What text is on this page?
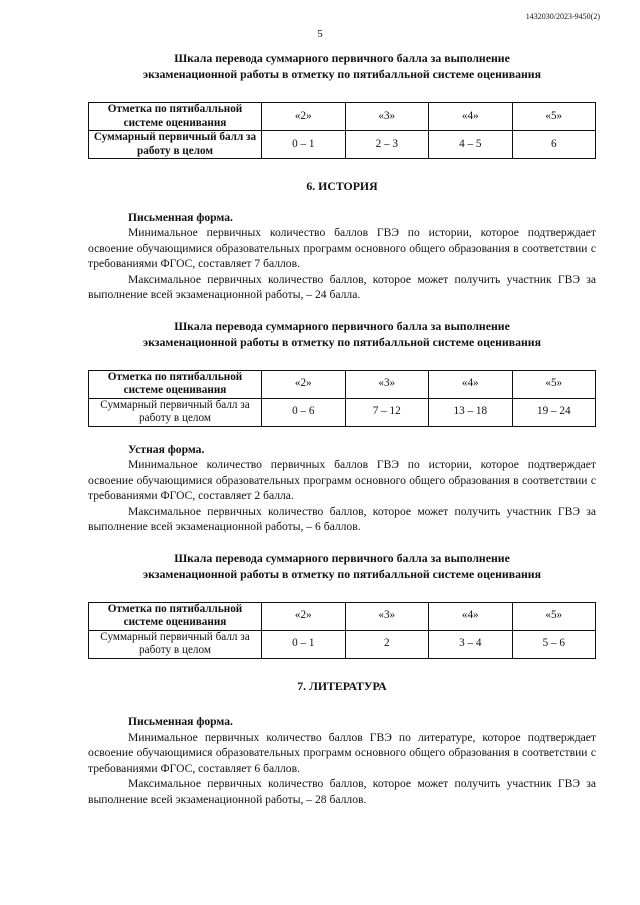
1432030/2023-9450(2)
5
Шкала перевода суммарного первичного балла за выполнение
экзаменационной работы в отметку по пятибалльной системе оценивания
Отметка по пятибалльной системе оценивания	«2»	«3»	«4»	«5»
Суммарный первичный балл за работу в целом	0 – 1	2 – 3	4 – 5	6
6. ИСТОРИЯ
Письменная форма.

Минимальное первичных количество баллов ГВЭ по истории, которое подтверждает освоение обучающимися образовательных программ основного общего образования в соответствии с требованиями ФГОС, составляет 7 баллов.

Максимальное первичных количество баллов, которое может получить участник ГВЭ за выполнение всей экзаменационной работы, – 24 балла.

Шкала перевода суммарного первичного балла за выполнение
экзаменационной работы в отметку по пятибалльной системе оценивания
Отметка по пятибалльной системе оценивания	«2»	«3»	«4»	«5»
Суммарный первичный балл за работу в целом	0 – 6	7 – 12	13 – 18	19 – 24
Устная форма.

Минимальное количество первичных баллов ГВЭ по истории, которое подтверждает освоение обучающимися образовательных программ основного общего образования в соответствии с требованиями ФГОС, составляет 2 балла.

Максимальное первичных количество баллов, которое может получить участник ГВЭ за выполнение всей экзаменационной работы, – 6 баллов.

Шкала перевода суммарного первичного балла за выполнение
экзаменационной работы в отметку по пятибалльной системе оценивания
Отметка по пятибалльной системе оценивания	«2»	«3»	«4»	«5»
Суммарный первичный балл за работу в целом	0 – 1	2	3 – 4	5 – 6
7. ЛИТЕРАТУРА
Письменная форма.

Минимальное первичных количество баллов ГВЭ по литературе, которое подтверждает освоение обучающимися образовательных программ основного общего образования в соответствии с требованиями ФГОС, составляет 6 баллов.

Максимальное первичных количество баллов, которое может получить участник ГВЭ за выполнение всей экзаменационной работы, – 28 баллов.
